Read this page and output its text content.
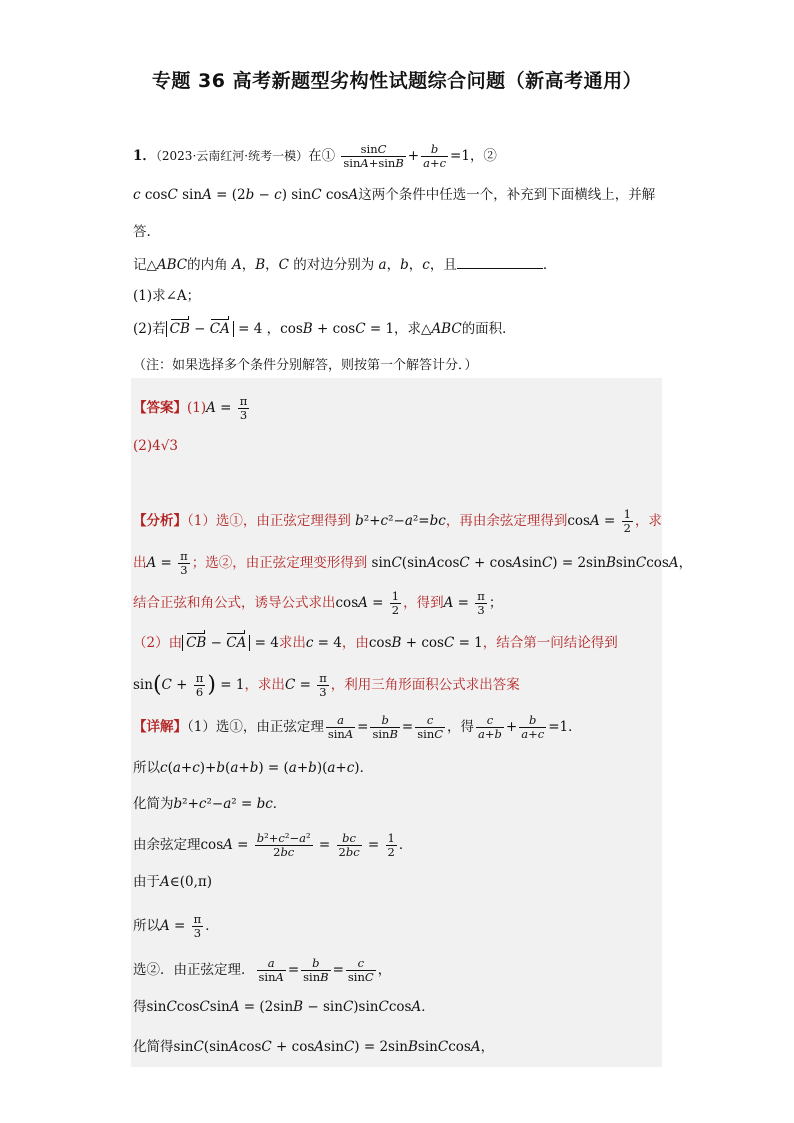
专题 36 高考新题型劣构性试题综合问题（新高考通用）
1．（2023·云南红河·统考一模）在① $\frac{\sin C}{\sin A+\sin B} + \frac{b}{a+c} =1$，②
c cosC sinA = (2b − c) sinC cosA这两个条件中任选一个，补充到下面横线上，并解
答.
记△ABC的内角 A，B，C 的对边分别为 a，b，c，且	．
(1)求∠A；
(2)若 CB − CA = 4 ，cosB + cosC = 1，求△ABC的面积．
（注：如果选择多个条件分别解答，则按第一个解答计分．）
【答案】$(1)A = \frac{\pi}{3}$
(2)4√3
【分析】（1）选①，由正弦定理得到 b²+c²−a²=bc，再由余弦定理得到$\cos A = \frac{1}{2}$ ，求
出$A = \frac{\pi}{3}$ ；选②，由正弦定理变形得到 sinC(sinAcosC + cosAsinC) = 2sinBsinCcosA，
结合正弦和角公式，诱导公式求出$\cos A = \frac{1}{2}$ ，得到$A = \frac{\pi}{3}$ ；
（2）由 CB − CA = 4求出c = 4，由cosB + cosC = 1，结合第一问结论得到
$\sin(C + \frac{\pi}{6}$ ) = 1，求出$C = \frac{\pi}{3}$ ，利用三角形面积公式求出答案
【详解】（1）选①，由正弦定理 $\frac{a}{\sin A} = \frac{b}{\sin B} = \frac{c}{\sin C}$ ，得 $\frac{c}{a+b} + \frac{b}{a+c} =1$．
所以c(a+c)+b(a+b) = (a+b)(a+c)．
化简为b²+c²−a² = bc．
由余弦定理$\cos A = \frac{\text{b²+c²−a²}}{2bc} = \frac{bc}{2bc} = \frac{1}{2}$ ．
由于A∈(0,π)
所以$A = \frac{\pi}{3}$ ．
选②．由正弦定理． $\frac{a}{\sin A} = \frac{b}{\sin B} = \frac{c}{\sin C}$ ，
得sinCcosCsinA = (2sinB − sinC)sinCcosA．
化简得sinC(sinAcosC + cosAsinC) = 2sinBsinCcosA，
